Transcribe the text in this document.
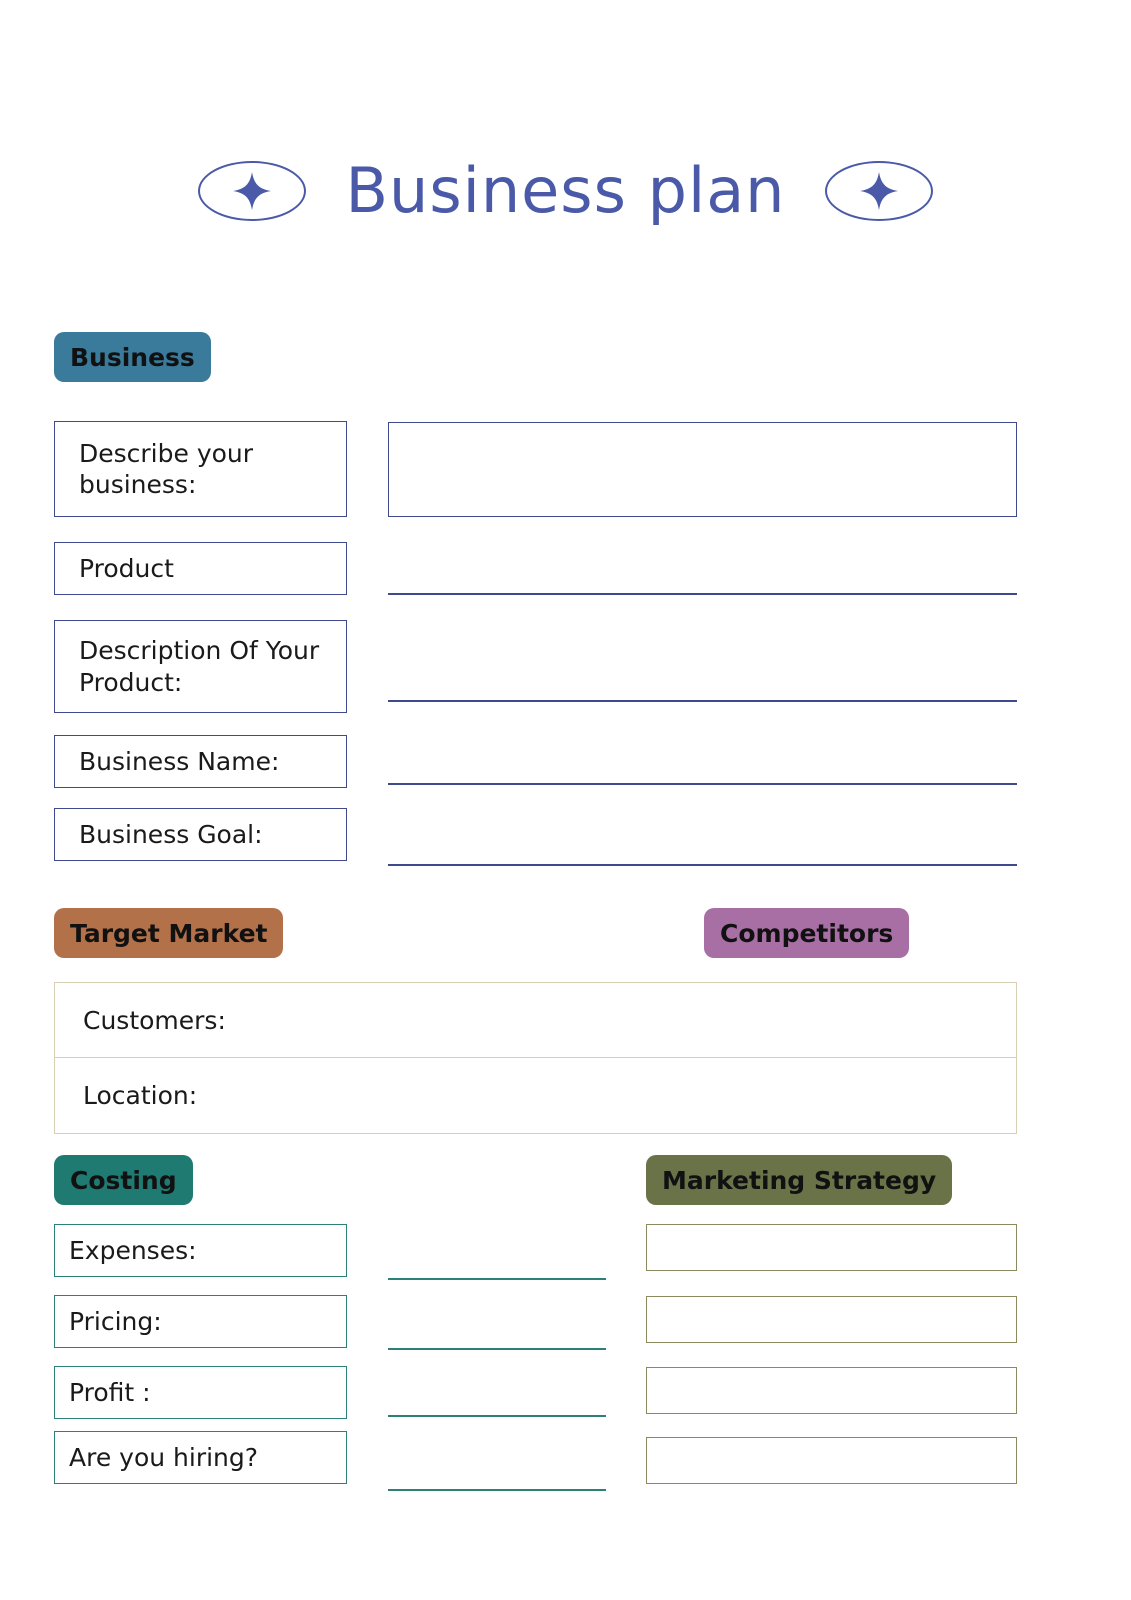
Business plan
Business
Describe your business:
Product
Description Of Your Product:
Business Name:
Business Goal:
Target Market	Competitors
Customers:
Location:
Costing
Expenses:
Pricing:
Profit :
Are you hiring?
Marketing Strategy
